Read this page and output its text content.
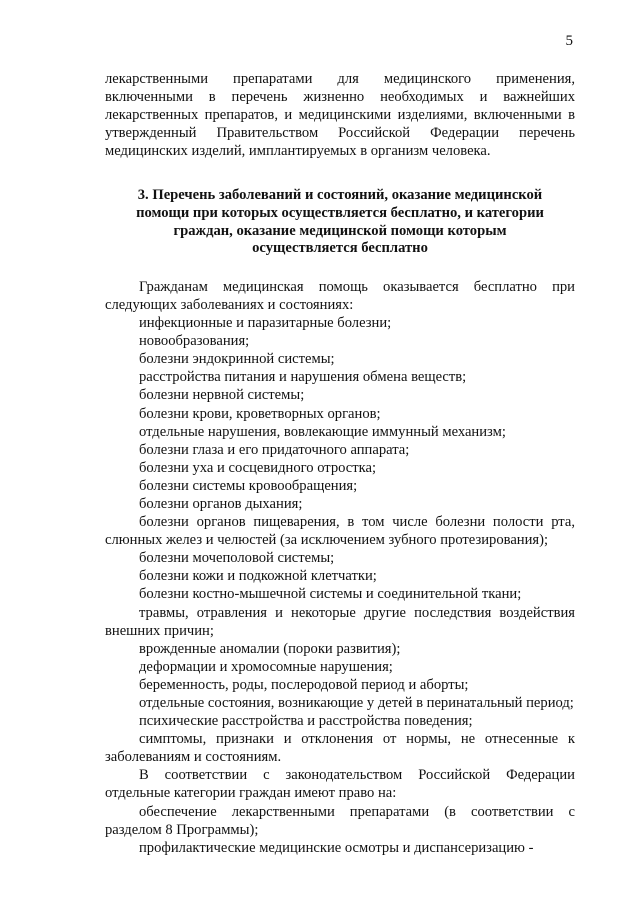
5

лекарственными препаратами для медицинского применения, включенными в перечень жизненно необходимых и важнейших лекарственных препаратов, и медицинскими изделиями, включенными в утвержденный Правительством Российской Федерации перечень медицинских изделий, имплантируемых в организм человека.

3. Перечень заболеваний и состояний, оказание медицинской
помощи при которых осуществляется бесплатно, и категории
граждан, оказание медицинской помощи которым
осуществляется бесплатно

Гражданам медицинская помощь оказывается бесплатно при следующих заболеваниях и состояниях:

инфекционные и паразитарные болезни;

новообразования;

болезни эндокринной системы;

расстройства питания и нарушения обмена веществ;

болезни нервной системы;

болезни крови, кроветворных органов;

отдельные нарушения, вовлекающие иммунный механизм;

болезни глаза и его придаточного аппарата;

болезни уха и сосцевидного отростка;

болезни системы кровообращения;

болезни органов дыхания;

болезни органов пищеварения, в том числе болезни полости рта, слюнных желез и челюстей (за исключением зубного протезирования);

болезни мочеполовой системы;

болезни кожи и подкожной клетчатки;

болезни костно-мышечной системы и соединительной ткани;

травмы, отравления и некоторые другие последствия воздействия внешних причин;

врожденные аномалии (пороки развития);

деформации и хромосомные нарушения;

беременность, роды, послеродовой период и аборты;

отдельные состояния, возникающие у детей в перинатальный период;

психические расстройства и расстройства поведения;

симптомы, признаки и отклонения от нормы, не отнесенные к заболеваниям и состояниям.

В соответствии с законодательством Российской Федерации отдельные категории граждан имеют право на:

обеспечение лекарственными препаратами (в соответствии с разделом 8 Программы);

профилактические медицинские осмотры и диспансеризацию -
